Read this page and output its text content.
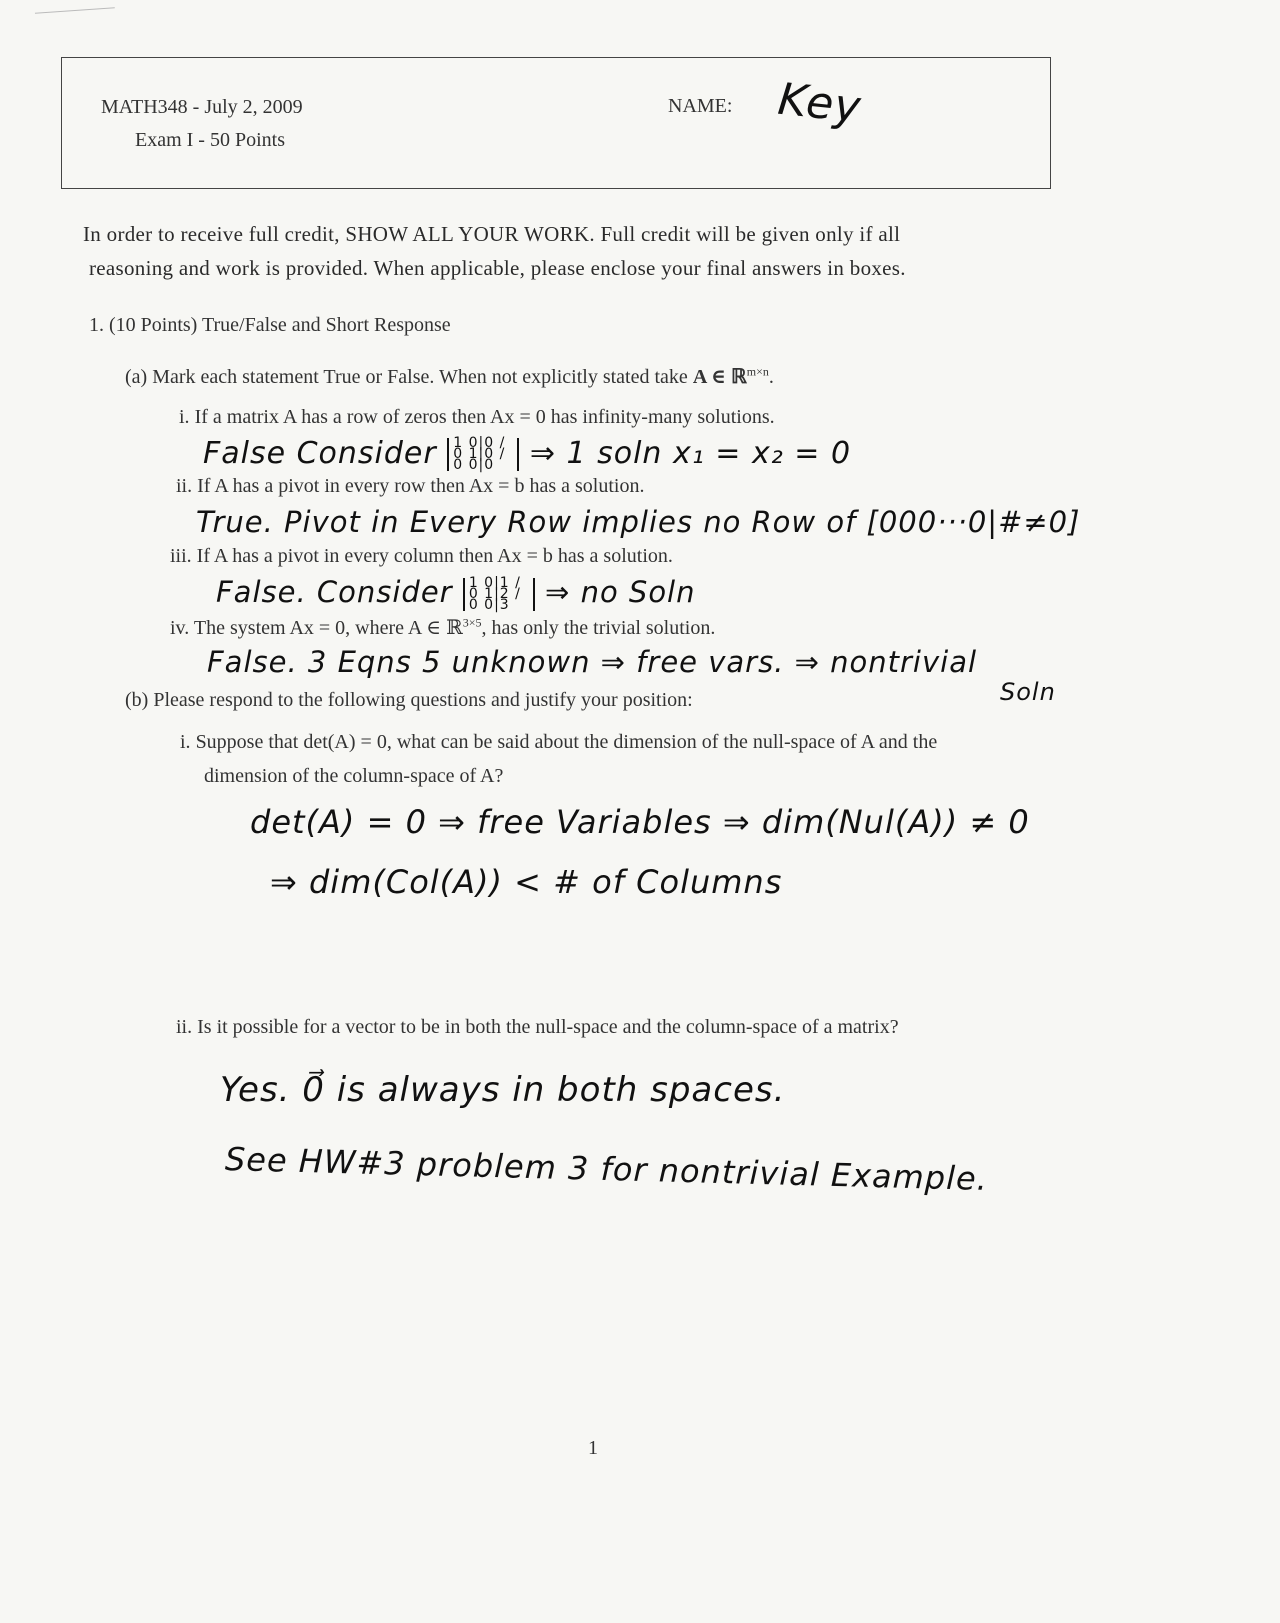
MATH348 - July 2, 2009
Exam I - 50 Points
NAME: Key
In order to receive full credit, SHOW ALL YOUR WORK. Full credit will be given only if all
reasoning and work is provided. When applicable, please enclose your final answers in boxes.
1. (10 Points) True/False and Short Response
(a) Mark each statement True or False. When not explicitly stated take A ∈ ℝ$^{m\times n}$.
i. If a matrix A has a row of zeros then Ax = 0 has infinity-many solutions.
False Consider 1 0|0 / 0 1|0 / 0 0|0 ⇒ 1 soln x₁ = x₂ = 0
ii. If A has a pivot in every row then Ax = b has a solution.
True. Pivot in Every Row implies no Row of [000···0|#≠0]
iii. If A has a pivot in every column then Ax = b has a solution.
False. Consider 1 0|1 / 0 1|2 / 0 0|3 ⇒ no Soln
iv. The system Ax = 0, where A ∈ ℝ$^{3\times 5}$, has only the trivial solution.
False. 3 Eqns 5 unknown ⇒ free vars. ⇒ nontrivial
Soln
(b) Please respond to the following questions and justify your position:
i. Suppose that det(A) = 0, what can be said about the dimension of the null-space of A and the
dimension of the column-space of A?
det(A) = 0 ⇒ free Variables ⇒ dim(Nul(A)) ≠ 0
⇒ dim(Col(A)) < # of Columns
ii. Is it possible for a vector to be in both the null-space and the column-space of a matrix?
Yes. 0⃗ is always in both spaces.
See HW#3 problem 3 for nontrivial Example.
1
